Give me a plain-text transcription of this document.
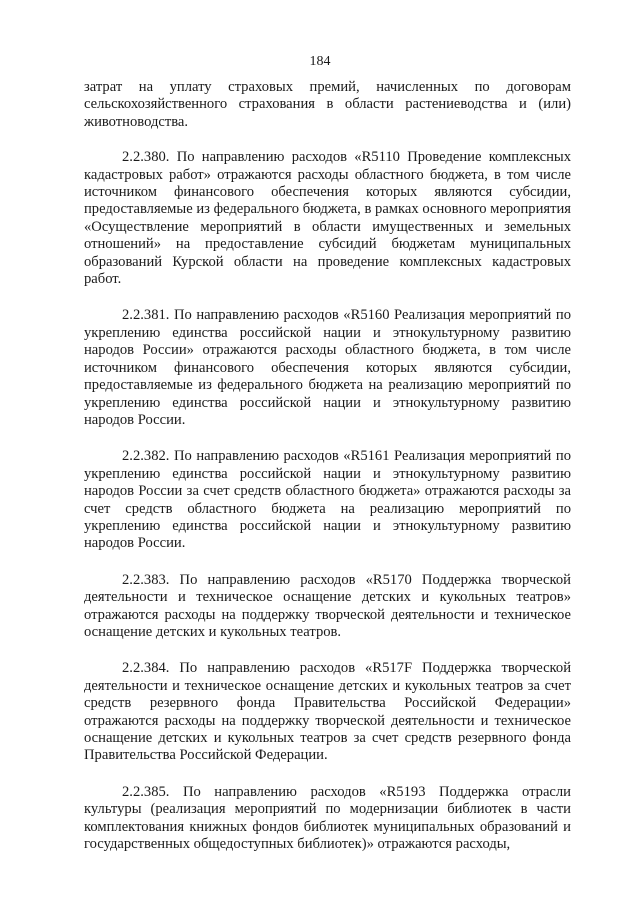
184

затрат на уплату страховых премий, начисленных по договорам сельскохозяйственного страхования в области растениеводства и (или) животноводства.

2.2.380. По направлению расходов «R5110 Проведение комплексных кадастровых работ» отражаются расходы областного бюджета, в том числе источником финансового обеспечения которых являются субсидии, предоставляемые из федерального бюджета, в рамках основного мероприятия «Осуществление мероприятий в области имущественных и земельных отношений» на предоставление субсидий бюджетам муниципальных образований Курской области на проведение комплексных кадастровых работ.

2.2.381. По направлению расходов «R5160 Реализация мероприятий по укреплению единства российской нации и этнокультурному развитию народов России» отражаются расходы областного бюджета, в том числе источником финансового обеспечения которых являются субсидии, предоставляемые из федерального бюджета на реализацию мероприятий по укреплению единства российской нации и этнокультурному развитию народов России.

2.2.382. По направлению расходов «R5161 Реализация мероприятий по укреплению единства российской нации и этнокультурному развитию народов России за счет средств областного бюджета» отражаются расходы за счет средств областного бюджета на реализацию мероприятий по укреплению единства российской нации и этнокультурному развитию народов России.

2.2.383. По направлению расходов «R5170 Поддержка творческой деятельности и техническое оснащение детских и кукольных театров» отражаются расходы на поддержку творческой деятельности и техническое оснащение детских и кукольных театров.

2.2.384. По направлению расходов «R517F Поддержка творческой деятельности и техническое оснащение детских и кукольных театров за счет средств резервного фонда Правительства Российской Федерации» отражаются расходы на поддержку творческой деятельности и техническое оснащение детских и кукольных театров за счет средств резервного фонда Правительства Российской Федерации.

2.2.385. По направлению расходов «R5193 Поддержка отрасли культуры (реализация мероприятий по модернизации библиотек в части комплектования книжных фондов библиотек муниципальных образований и государственных общедоступных библиотек)» отражаются расходы,
